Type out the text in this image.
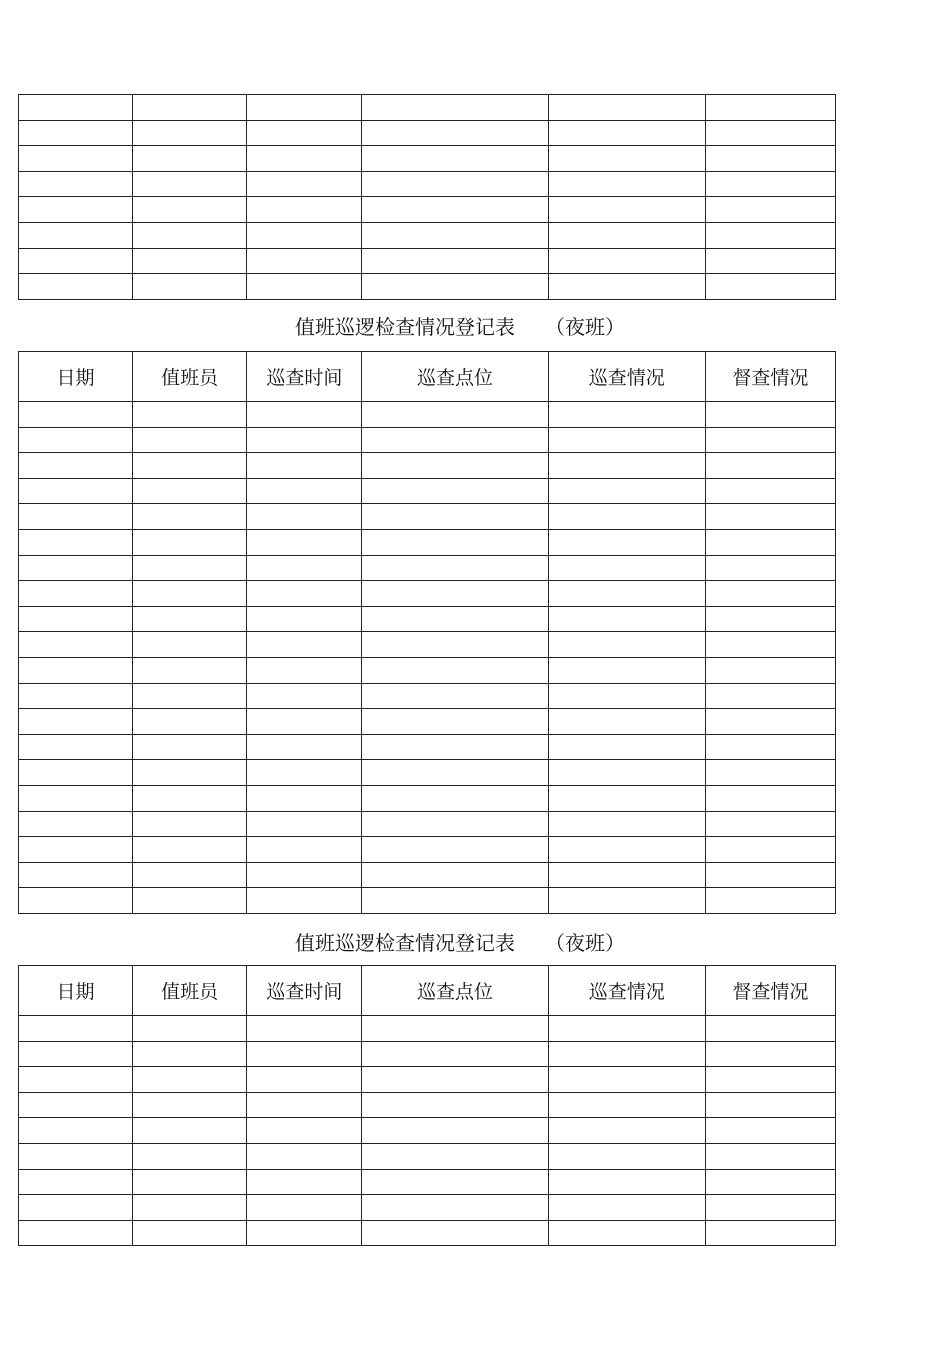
值班巡逻检查情况登记表 （夜班）
日期	值班员	巡查时间	巡查点位	巡查情况	督查情况

值班巡逻检查情况登记表 （夜班）
日期	值班员	巡查时间	巡查点位	巡查情况	督查情况
